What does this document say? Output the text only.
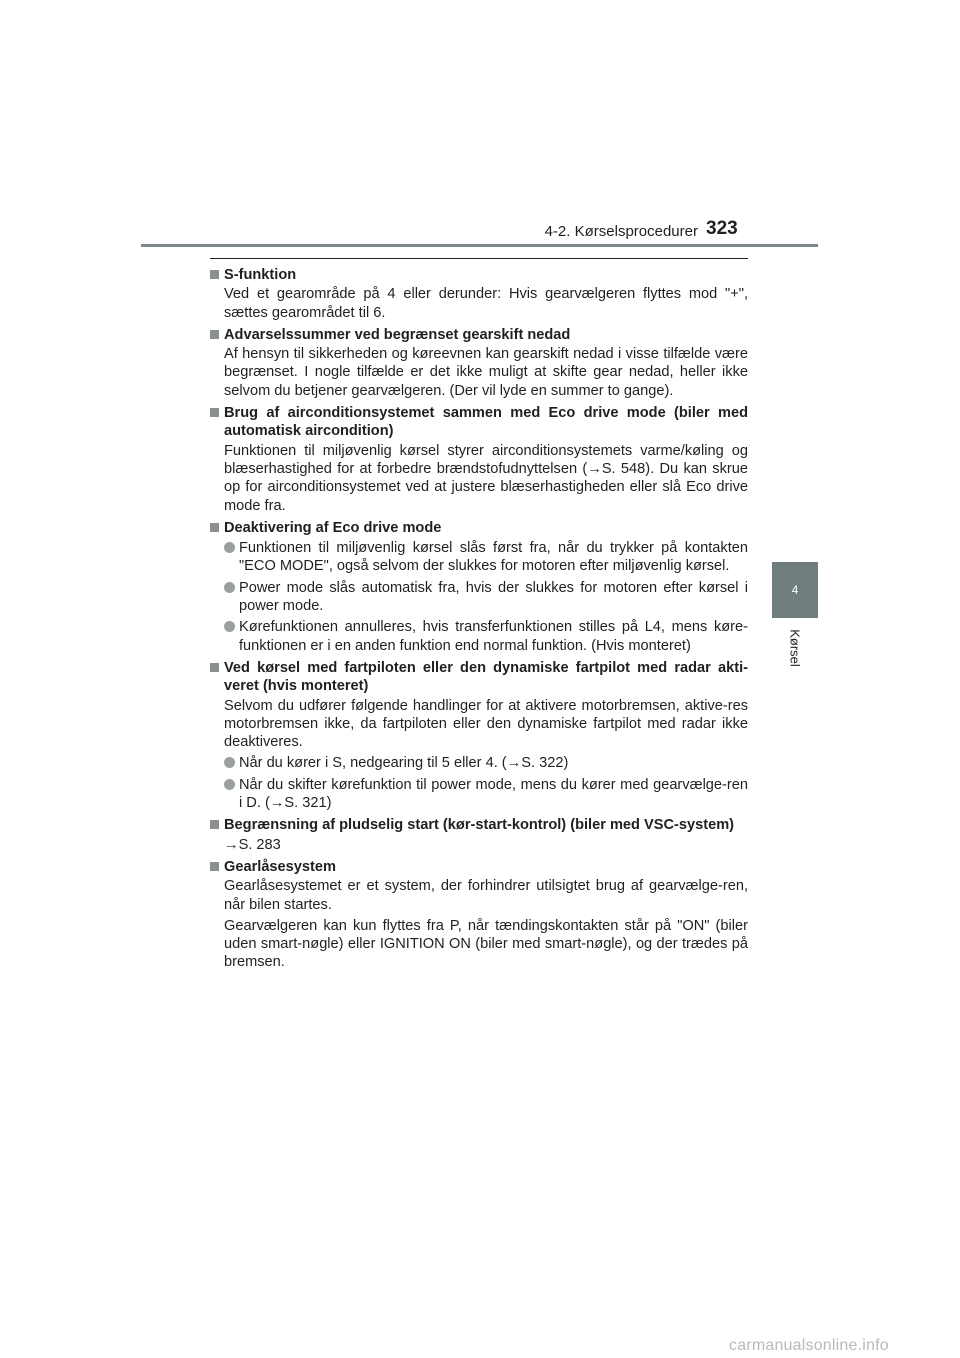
4-2. Kørselsprocedurer 323
4
Kørsel
S-funktion
Ved et gearområde på 4 eller derunder: Hvis gearvælgeren flyttes mod "+", sættes gearområdet til 6.
Advarselssummer ved begrænset gearskift nedad
Af hensyn til sikkerheden og køreevnen kan gearskift nedad i visse tilfælde være begrænset. I nogle tilfælde er det ikke muligt at skifte gear nedad, heller ikke selvom du betjener gearvælgeren. (Der vil lyde en summer to gange).
Brug af airconditionsystemet sammen med Eco drive mode (biler med automatisk aircondition)
Funktionen til miljøvenlig kørsel styrer airconditionsystemets varme/køling og blæserhastighed for at forbedre brændstofudnyttelsen (→S. 548). Du kan skrue op for airconditionsystemet ved at justere blæserhastigheden eller slå Eco drive mode fra.
Deaktivering af Eco drive mode
Funktionen til miljøvenlig kørsel slås først fra, når du trykker på kontakten "ECO MODE", også selvom der slukkes for motoren efter miljøvenlig kørsel.
Power mode slås automatisk fra, hvis der slukkes for motoren efter kørsel i power mode.
Kørefunktionen annulleres, hvis transferfunktionen stilles på L4, mens køre-funktionen er i en anden funktion end normal funktion. (Hvis monteret)
Ved kørsel med fartpiloten eller den dynamiske fartpilot med radar akti-veret (hvis monteret)
Selvom du udfører følgende handlinger for at aktivere motorbremsen, aktive-res motorbremsen ikke, da fartpiloten eller den dynamiske fartpilot med radar ikke deaktiveres.
Når du kører i S, nedgearing til 5 eller 4. (→S. 322)
Når du skifter kørefunktion til power mode, mens du kører med gearvælge-ren i D. (→S. 321)
Begrænsning af pludselig start (kør-start-kontrol) (biler med VSC-system)
→S. 283
Gearlåsesystem
Gearlåsesystemet er et system, der forhindrer utilsigtet brug af gearvælge-ren, når bilen startes.
Gearvælgeren kan kun flyttes fra P, når tændingskontakten står på "ON" (biler uden smart-nøgle) eller IGNITION ON (biler med smart-nøgle), og der trædes på bremsen.
carmanualsonline.info
